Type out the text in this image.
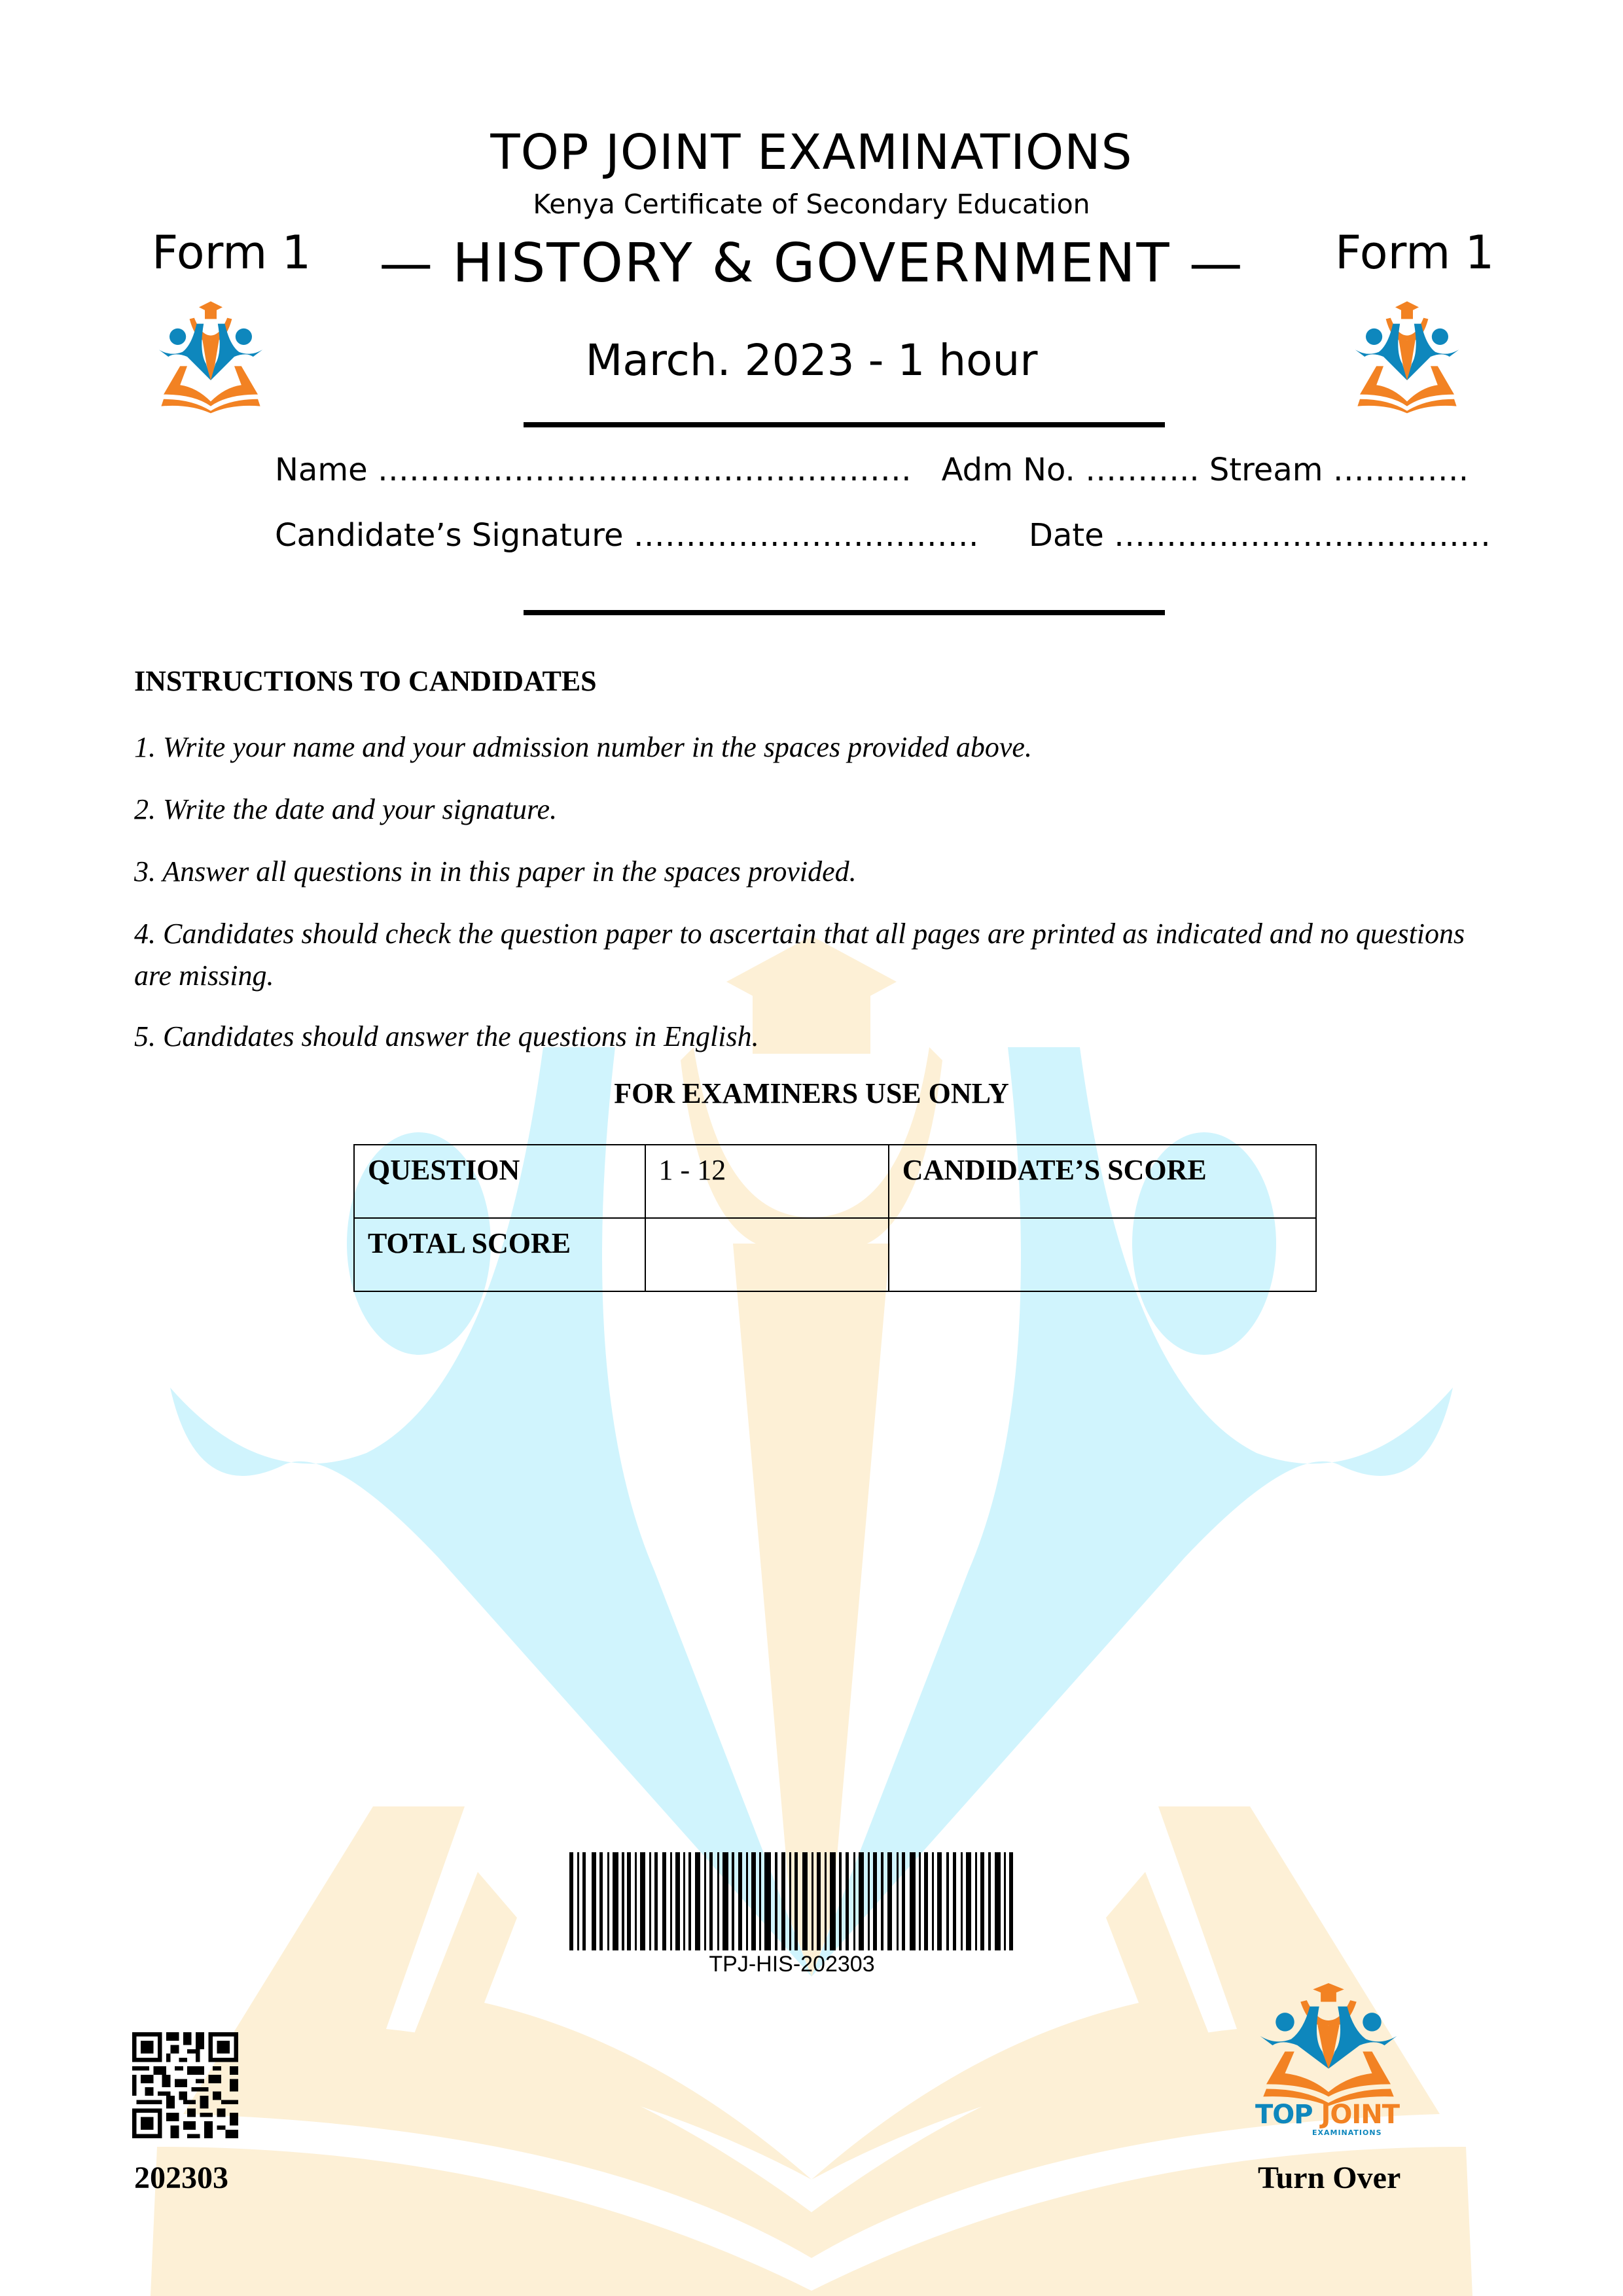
TOP JOINT EXAMINATIONS
Kenya Certificate of Secondary Education
— HISTORY & GOVERNMENT —
Form 1	Form 1
March. 2023 - 1 hour
Name ……………………………………………   Adm No. ……….. Stream ………….
Candidate’s Signature ……………………………     Date ………………………………
INSTRUCTIONS TO CANDIDATES
1. Write your name and your admission number in the spaces provided above.
2. Write the date and your signature.
3. Answer all questions in in this paper in the spaces provided.
4. Candidates should check the question paper to ascertain that all pages are printed as indicated and no questions are missing.
5. Candidates should answer the questions in English.
FOR EXAMINERS USE ONLY
QUESTION	1 - 12	CANDIDATE’S SCORE
TOTAL SCORE		
TPJ-HIS-202303
202303
TOP JOINT
EXAMINATIONS
Turn Over
